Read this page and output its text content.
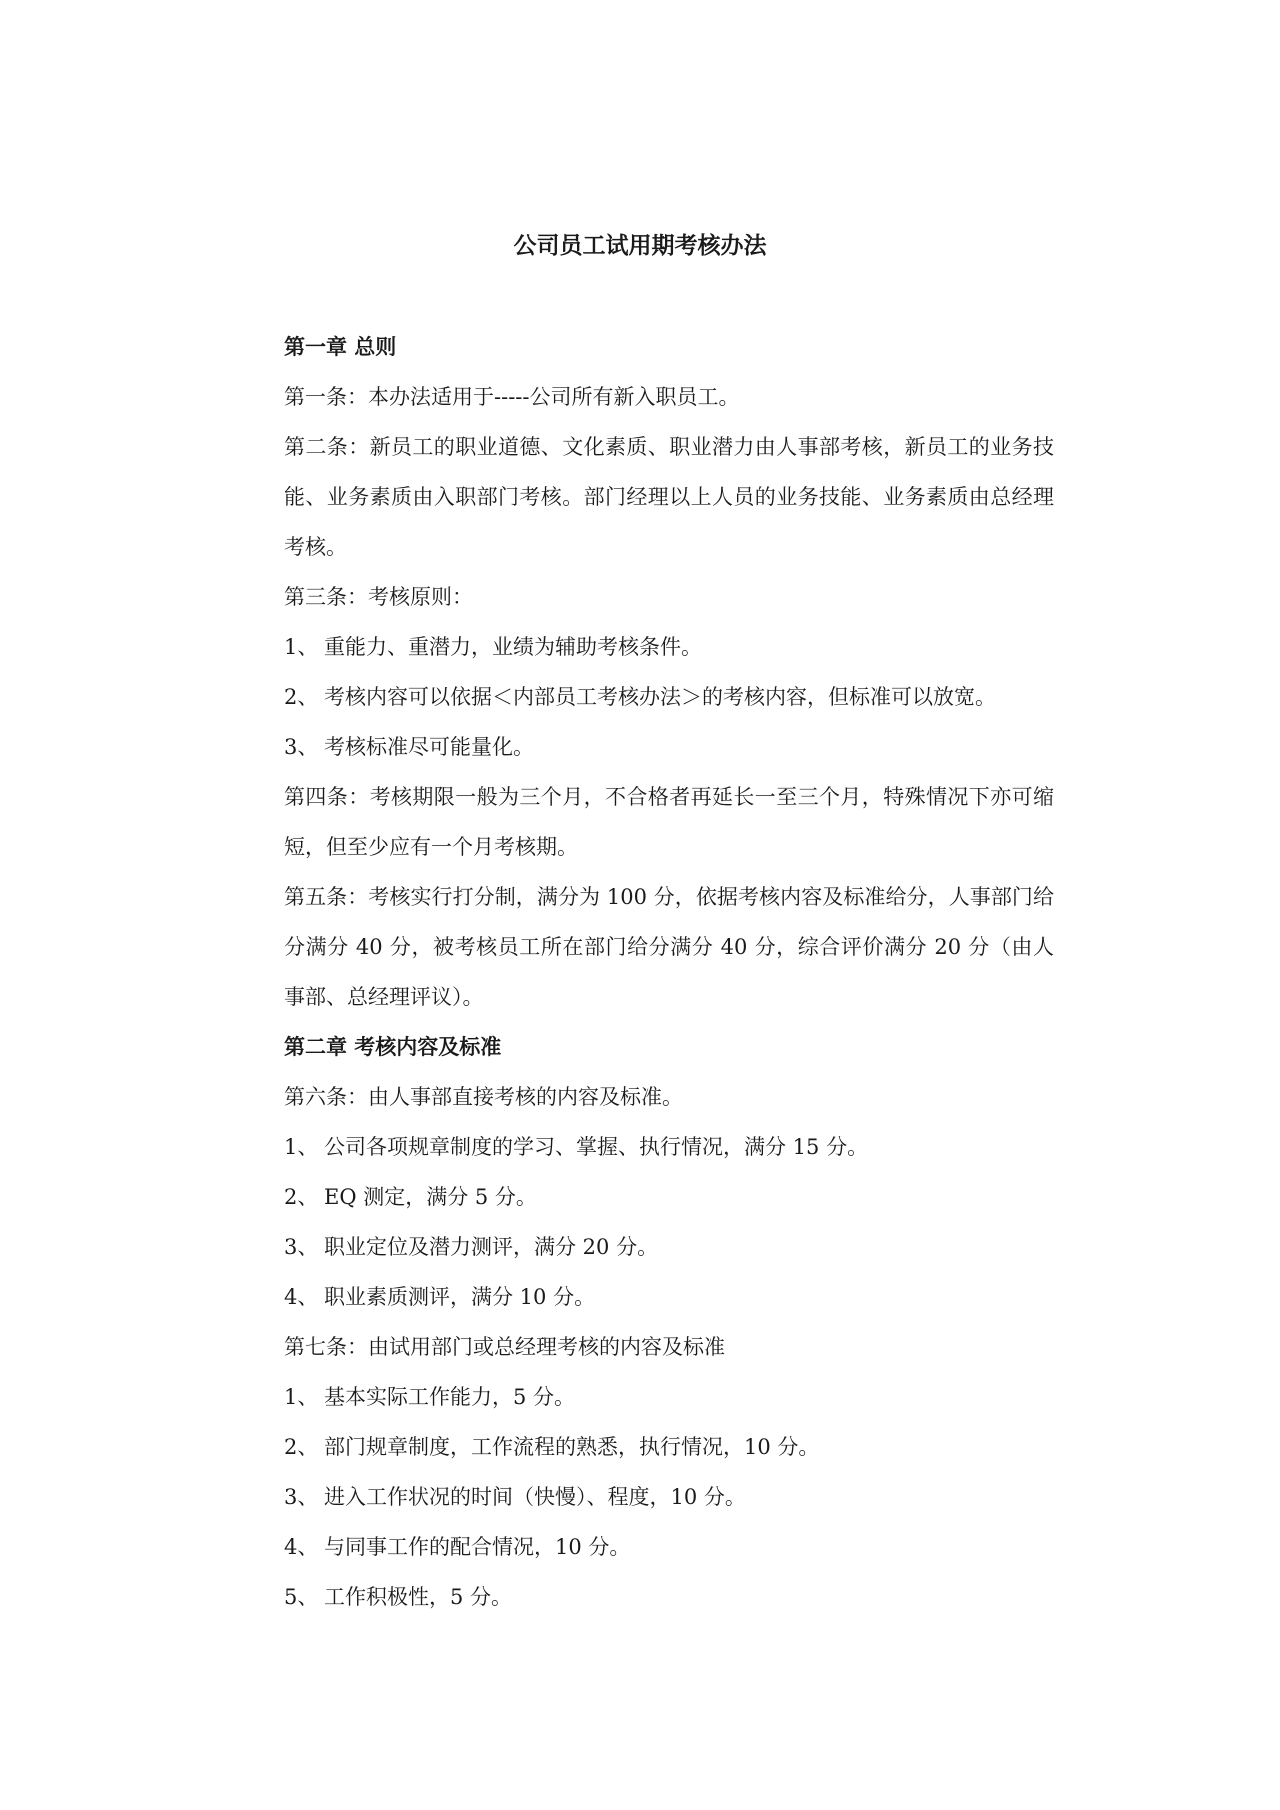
公司员工试用期考核办法
第一章 总则
第一条：本办法适用于-----公司所有新入职员工。

第二条：新员工的职业道德、文化素质、职业潜力由人事部考核，新员工的业务技能、业务素质由入职部门考核。部门经理以上人员的业务技能、业务素质由总经理考核。

第三条：考核原则：
1、 重能力、重潜力，业绩为辅助考核条件。
2、 考核内容可以依据＜内部员工考核办法＞的考核内容，但标准可以放宽。
3、 考核标准尽可能量化。

第四条：考核期限一般为三个月，不合格者再延长一至三个月，特殊情况下亦可缩短，但至少应有一个月考核期。

第五条：考核实行打分制，满分为 100 分，依据考核内容及标准给分，人事部门给分满分 40 分，被考核员工所在部门给分满分 40 分，综合评价满分 20 分（由人事部、总经理评议）。

第二章 考核内容及标准
第六条：由人事部直接考核的内容及标准。
1、 公司各项规章制度的学习、掌握、执行情况，满分 15 分。
2、 EQ 测定，满分 5 分。
3、 职业定位及潜力测评，满分 20 分。
4、 职业素质测评，满分 10 分。
第七条：由试用部门或总经理考核的内容及标准
1、 基本实际工作能力，5 分。
2、 部门规章制度，工作流程的熟悉，执行情况，10 分。
3、 进入工作状况的时间（快慢）、程度，10 分。
4、 与同事工作的配合情况，10 分。
5、 工作积极性，5 分。
